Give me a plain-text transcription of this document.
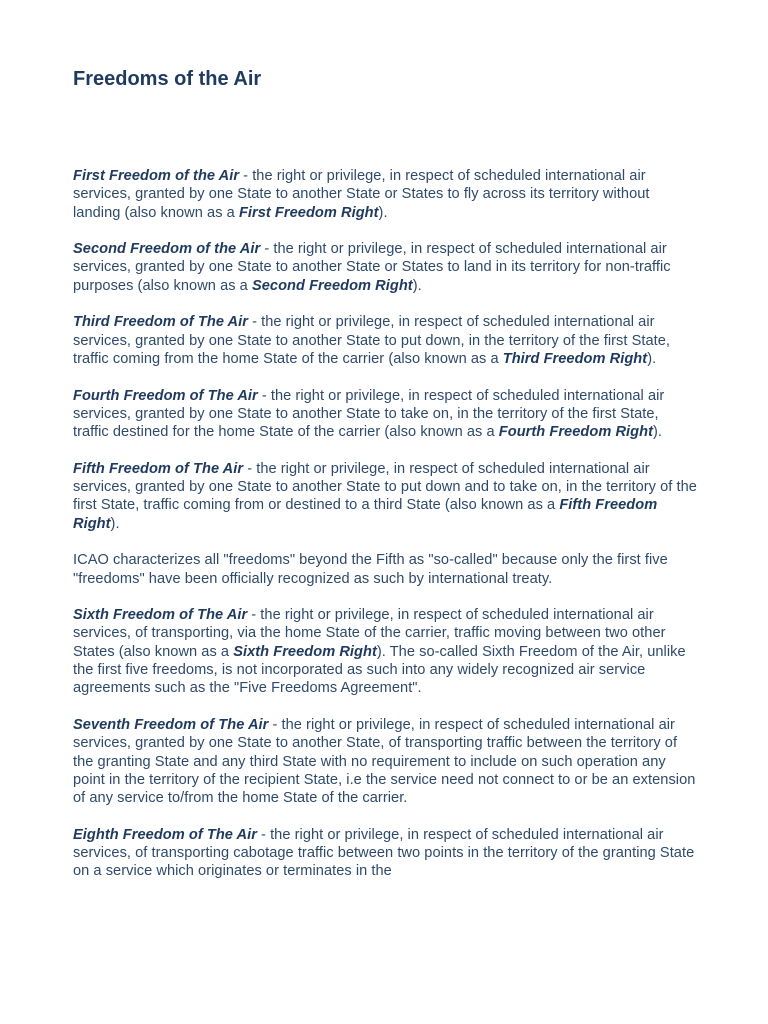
Freedoms of the Air

First Freedom of the Air - the right or privilege, in respect of scheduled international air services, granted by one State to another State or States to fly across its territory without landing (also known as a First Freedom Right).

Second Freedom of the Air - the right or privilege, in respect of scheduled international air services, granted by one State to another State or States to land in its territory for non-traffic purposes (also known as a Second Freedom Right).

Third Freedom of The Air - the right or privilege, in respect of scheduled international air services, granted by one State to another State to put down, in the territory of the first State, traffic coming from the home State of the carrier (also known as a Third Freedom Right).

Fourth Freedom of The Air - the right or privilege, in respect of scheduled international air services, granted by one State to another State to take on, in the territory of the first State, traffic destined for the home State of the carrier (also known as a Fourth Freedom Right).

Fifth Freedom of The Air - the right or privilege, in respect of scheduled international air services, granted by one State to another State to put down and to take on, in the territory of the first State, traffic coming from or destined to a third State (also known as a Fifth Freedom Right).

ICAO characterizes all "freedoms" beyond the Fifth as "so-called" because only the first five "freedoms" have been officially recognized as such by international treaty.

Sixth Freedom of The Air - the right or privilege, in respect of scheduled international air services, of transporting, via the home State of the carrier, traffic moving between two other States (also known as a Sixth Freedom Right). The so-called Sixth Freedom of the Air, unlike the first five freedoms, is not incorporated as such into any widely recognized air service agreements such as the "Five Freedoms Agreement".

Seventh Freedom of The Air - the right or privilege, in respect of scheduled international air services, granted by one State to another State, of transporting traffic between the territory of the granting State and any third State with no requirement to include on such operation any point in the territory of the recipient State, i.e the service need not connect to or be an extension of any service to/from the home State of the carrier.

Eighth Freedom of The Air - the right or privilege, in respect of scheduled international air services, of transporting cabotage traffic between two points in the territory of the granting State on a service which originates or terminates in the
